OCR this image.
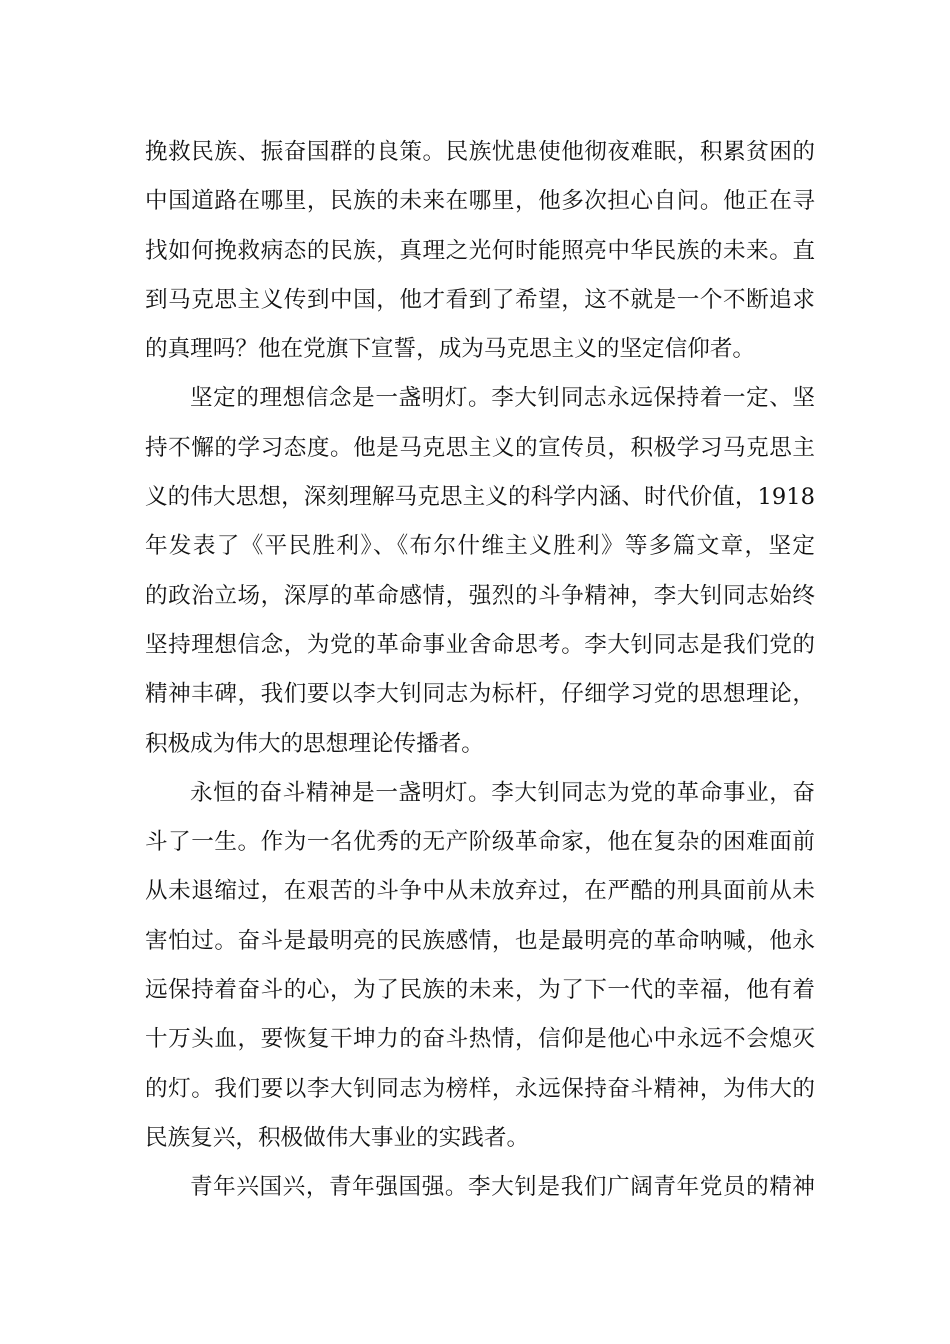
挽救民族、振奋国群的良策。民族忧患使他彻夜难眠，积累贫困的
中国道路在哪里，民族的未来在哪里，他多次担心自问。他正在寻
找如何挽救病态的民族，真理之光何时能照亮中华民族的未来。直
到马克思主义传到中国，他才看到了希望，这不就是一个不断追求
的真理吗？他在党旗下宣誓，成为马克思主义的坚定信仰者。
坚定的理想信念是一盏明灯。李大钊同志永远保持着一定、坚
持不懈的学习态度。他是马克思主义的宣传员，积极学习马克思主
义的伟大思想，深刻理解马克思主义的科学内涵、时代价值，1918
年发表了《平民胜利》、《布尔什维主义胜利》等多篇文章，坚定
的政治立场，深厚的革命感情，强烈的斗争精神，李大钊同志始终
坚持理想信念，为党的革命事业舍命思考。李大钊同志是我们党的
精神丰碑，我们要以李大钊同志为标杆，仔细学习党的思想理论，
积极成为伟大的思想理论传播者。
永恒的奋斗精神是一盏明灯。李大钊同志为党的革命事业，奋
斗了一生。作为一名优秀的无产阶级革命家，他在复杂的困难面前
从未退缩过，在艰苦的斗争中从未放弃过，在严酷的刑具面前从未
害怕过。奋斗是最明亮的民族感情，也是最明亮的革命呐喊，他永
远保持着奋斗的心，为了民族的未来，为了下一代的幸福，他有着
十万头血，要恢复干坤力的奋斗热情，信仰是他心中永远不会熄灭
的灯。我们要以李大钊同志为榜样，永远保持奋斗精神，为伟大的
民族复兴，积极做伟大事业的实践者。
青年兴国兴，青年强国强。李大钊是我们广阔青年党员的精神
